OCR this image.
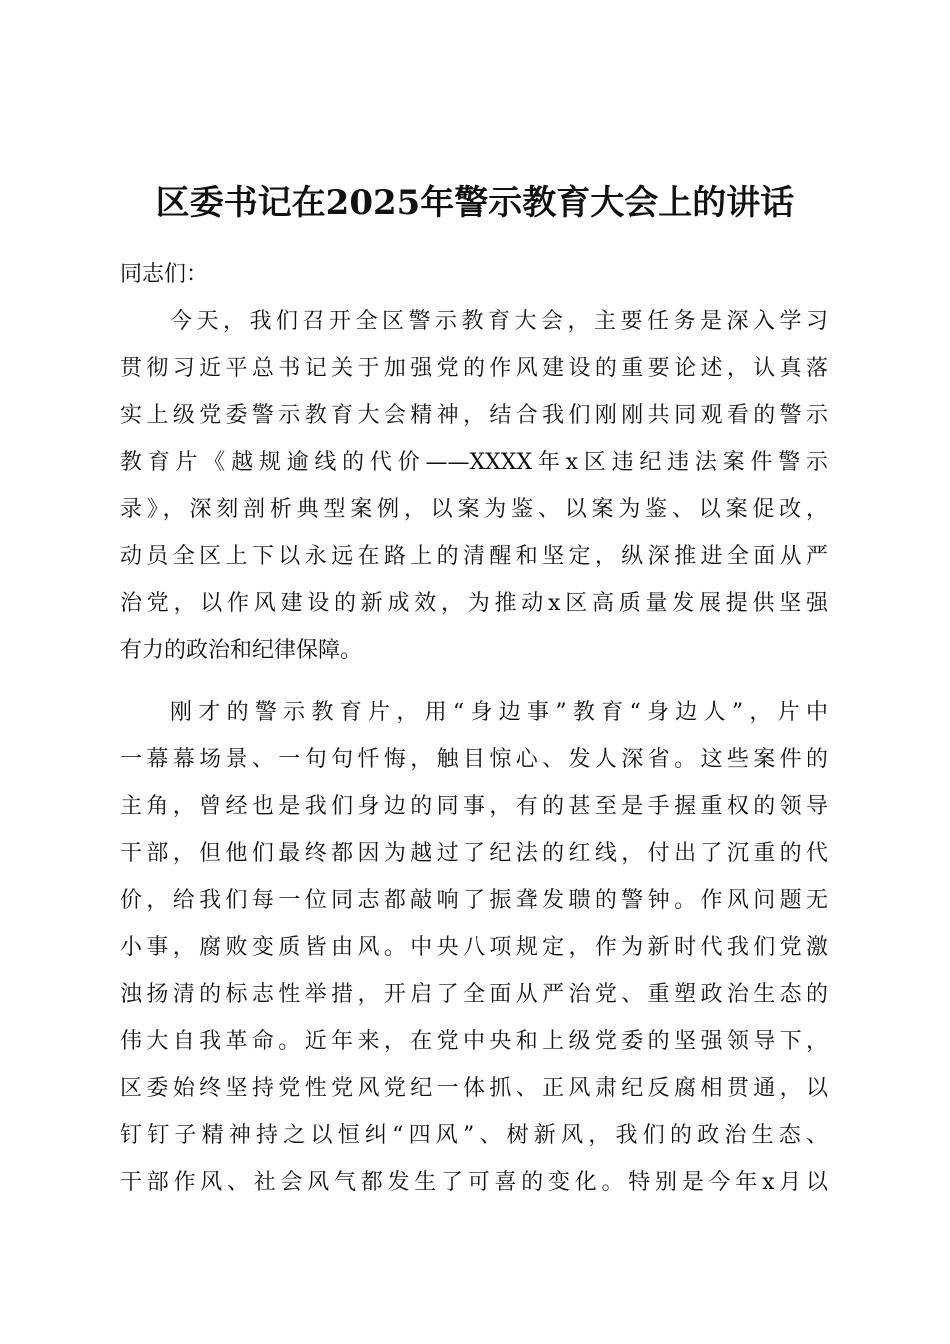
区委书记在2025年警示教育大会上的讲话
同志们：
今天，我们召开全区警示教育大会，主要任务是深入学习
贯彻习近平总书记关于加强党的作风建设的重要论述，认真落
实上级党委警示教育大会精神，结合我们刚刚共同观看的警示
教育片《越规逾线的代价——XXXX年x区违纪违法案件警示
录》，深刻剖析典型案例，以案为鉴、以案为鉴、以案促改，
动员全区上下以永远在路上的清醒和坚定，纵深推进全面从严
治党，以作风建设的新成效，为推动x区高质量发展提供坚强
有力的政治和纪律保障。
刚才的警示教育片，用“身边事”教育“身边人”，片中
一幕幕场景、一句句忏悔，触目惊心、发人深省。这些案件的
主角，曾经也是我们身边的同事，有的甚至是手握重权的领导
干部，但他们最终都因为越过了纪法的红线，付出了沉重的代
价，给我们每一位同志都敲响了振聋发聩的警钟。作风问题无
小事，腐败变质皆由风。中央八项规定，作为新时代我们党激
浊扬清的标志性举措，开启了全面从严治党、重塑政治生态的
伟大自我革命。近年来，在党中央和上级党委的坚强领导下，
区委始终坚持党性党风党纪一体抓、正风肃纪反腐相贯通，以
钉钉子精神持之以恒纠“四风”、树新风，我们的政治生态、
干部作风、社会风气都发生了可喜的变化。特别是今年x月以
